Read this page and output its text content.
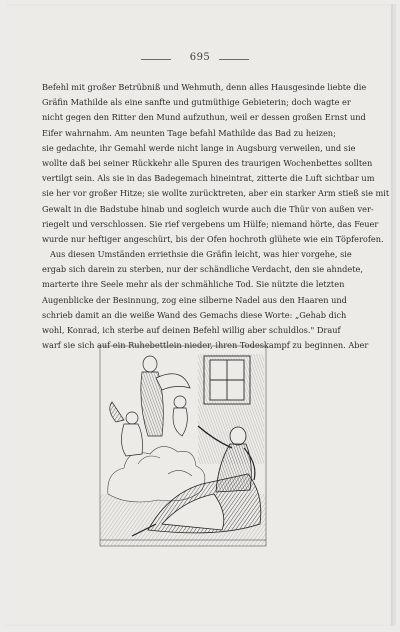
695
Befehl mit großer Betrübniß und Wehmuth, denn alles Hausgesinde liebte die
Gräfin Mathilde als eine sanfte und gutmüthige Gebieterin; doch wagte er
nicht gegen den Ritter den Mund aufzuthun, weil er dessen großen Ernst und
Eifer wahrnahm. Am neunten Tage befahl Mathilde das Bad zu heizen;
sie gedachte, ihr Gemahl werde nicht lange in Augsburg verweilen, und sie
wollte daß bei seiner Rückkehr alle Spuren des traurigen Wochenbettes sollten
vertilgt sein. Als sie in das Badegemach hineintrat, zitterte die Luft sichtbar um
sie her vor großer Hitze; sie wollte zurücktreten, aber ein starker Arm stieß sie mit
Gewalt in die Badstube hinab und sogleich wurde auch die Thür von außen ver-
riegelt und verschlossen. Sie rief vergebens um Hülfe; niemand hörte, das Feuer
wurde nur heftiger angeschürt, bis der Ofen hochroth glühete wie ein Töpferofen.
Aus diesen Umständen erriethsie die Gräfin leicht, was hier vorgehe, sie
ergab sich darein zu sterben, nur der schändliche Verdacht, den sie ahndete,
marterte ihre Seele mehr als der schmähliche Tod. Sie nützte die letzten
Augenblicke der Besinnung, zog eine silberne Nadel aus den Haaren und
schrieb damit an die weiße Wand des Gemachs diese Worte: „Gehab dich
wohl, Konrad, ich sterbe auf deinen Befehl willig aber schuldlos." Drauf
warf sie sich auf ein Ruhebettlein nieder, ihren Todeskampf zu beginnen. Aber
